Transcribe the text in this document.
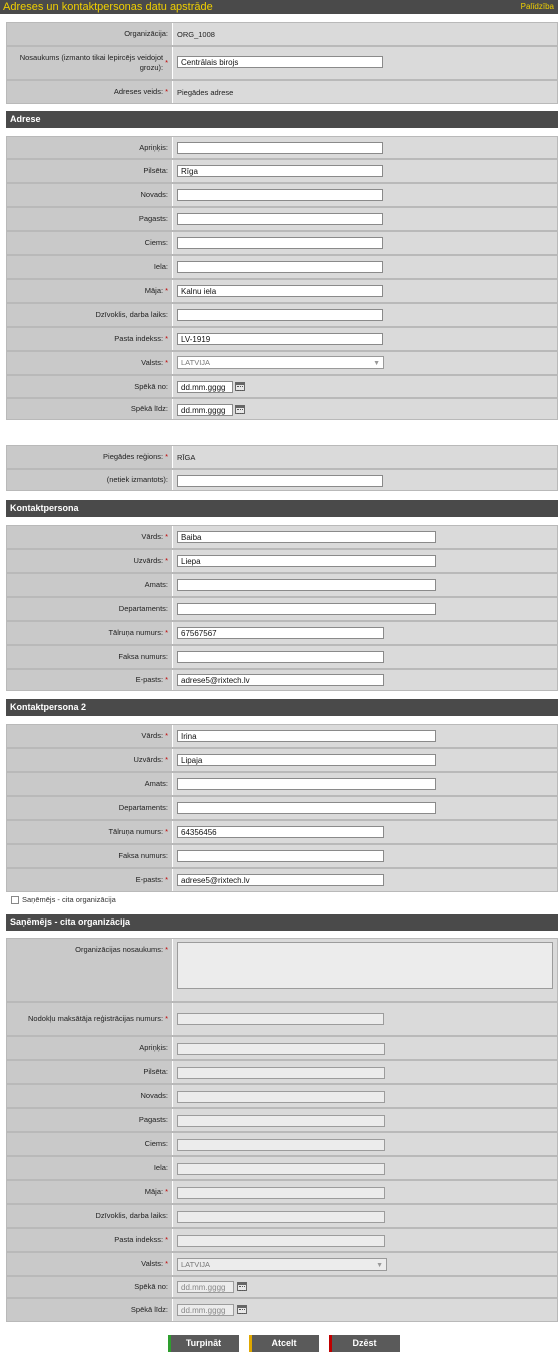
Adreses un kontaktpersonas datu apstrāde	Palīdzība
Organizācija: ORG_1008
Nosaukums (izmanto tikai lepircējs veidojot grozu):
*
Centrālais birojs
Adreses veids: * Piegādes adrese
Adrese
Apriņķis:
Pilsēta:
Rīga
Novads:
Pagasts:
Ciems:
Iela:
Māja: *
Kalnu iela
Dzīvoklis, darba laiks:
Pasta indekss: *
LV-1919
Valsts: *	LATVIJA	▼
Spēkā no:
dd.mm.gggg
Spēkā līdz:
dd.mm.gggg
Piegādes reģions: * RĪGA
(netiek izmantots):
Kontaktpersona
Vārds: *
Baiba
Uzvārds: *
Liepa
Amats:
Departaments:
Tālruņa numurs: *
67567567
Faksa numurs:
E-pasts: *
adrese5@rixtech.lv
Kontaktpersona 2
Vārds: *
Irina
Uzvārds: *
Lipaja
Amats:
Departaments:
Tālruņa numurs: *
64356456
Faksa numurs:
E-pasts: *
adrese5@rixtech.lv
Saņēmējs - cita organizācija
Saņēmējs - cita organizācija
Organizācijas nosaukums: *
Nodokļu maksātāja reģistrācijas numurs: *
Apriņķis:
Pilsēta:
Novads:
Pagasts:
Ciems:
Iela:
Māja: *
Dzīvoklis, darba laiks:
Pasta indekss: *
Valsts: *	LATVIJA	▼
Spēkā no:
dd.mm.gggg
Spēkā līdz:
dd.mm.gggg
Turpināt	Atcelt	Dzēst
